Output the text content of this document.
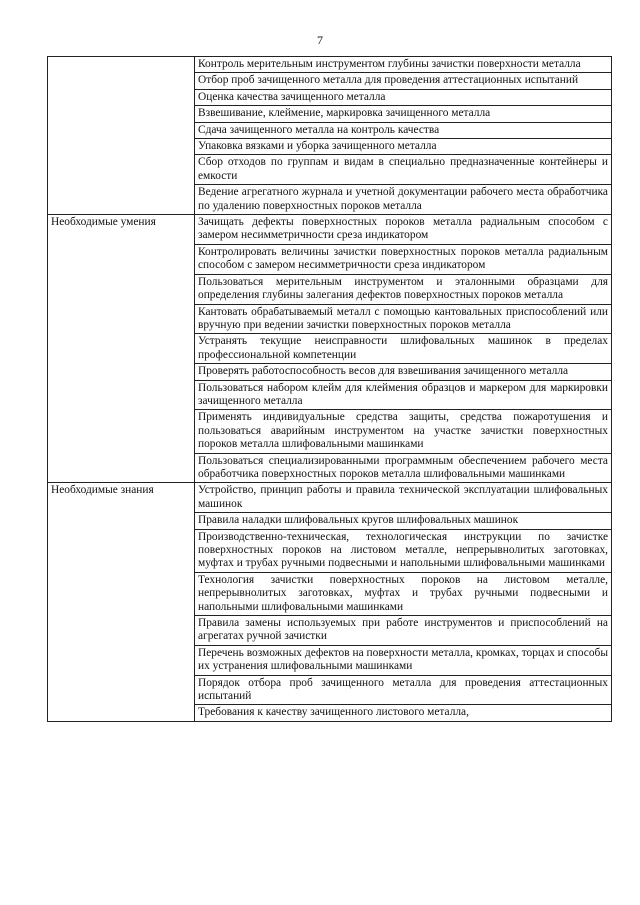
7
	Контроль мерительным инструментом глубины зачистки поверхности металла
	Отбор проб зачищенного металла для проведения аттестационных испытаний
	Оценка качества зачищенного металла
	Взвешивание, клеймение, маркировка зачищенного металла
	Сдача зачищенного металла на контроль качества
	Упаковка вязками и уборка зачищенного металла
	Сбор отходов по группам и видам в специально предназначенные контейнеры и емкости
	Ведение агрегатного журнала и учетной документации рабочего места обработчика по удалению поверхностных пороков металла
Необходимые умения	Зачищать дефекты поверхностных пороков металла радиальным способом с замером несимметричности среза индикатором
	Контролировать величины зачистки поверхностных пороков металла радиальным способом с замером несимметричности среза индикатором
	Пользоваться мерительным инструментом и эталонными образцами для определения глубины залегания дефектов поверхностных пороков металла
	Кантовать обрабатываемый металл с помощью кантовальных приспособлений или вручную при ведении зачистки поверхностных пороков металла
	Устранять текущие неисправности шлифовальных машинок в пределах профессиональной компетенции
	Проверять работоспособность весов для взвешивания зачищенного металла
	Пользоваться набором клейм для клеймения образцов и маркером для маркировки зачищенного металла
	Применять индивидуальные средства защиты, средства пожаротушения и пользоваться аварийным инструментом на участке зачистки поверхностных пороков металла шлифовальными машинками
	Пользоваться специализированными программным обеспечением рабочего места обработчика поверхностных пороков металла шлифовальными машинками
Необходимые знания	Устройство, принцип работы и правила технической эксплуатации шлифовальных машинок
	Правила наладки шлифовальных кругов шлифовальных машинок
	Производственно-техническая, технологическая инструкции по зачистке поверхностных пороков на листовом металле, непрерывнолитых заготовках, муфтах и трубах ручными подвесными и напольными шлифовальными машинками
	Технология зачистки поверхностных пороков на листовом металле, непрерывнолитых заготовках, муфтах и трубах ручными подвесными и напольными шлифовальными машинками
	Правила замены используемых при работе инструментов и приспособлений на агрегатах ручной зачистки
	Перечень возможных дефектов на поверхности металла, кромках, торцах и способы их устранения шлифовальными машинками
	Порядок отбора проб зачищенного металла для проведения аттестационных испытаний
	Требования к качеству зачищенного листового металла,
